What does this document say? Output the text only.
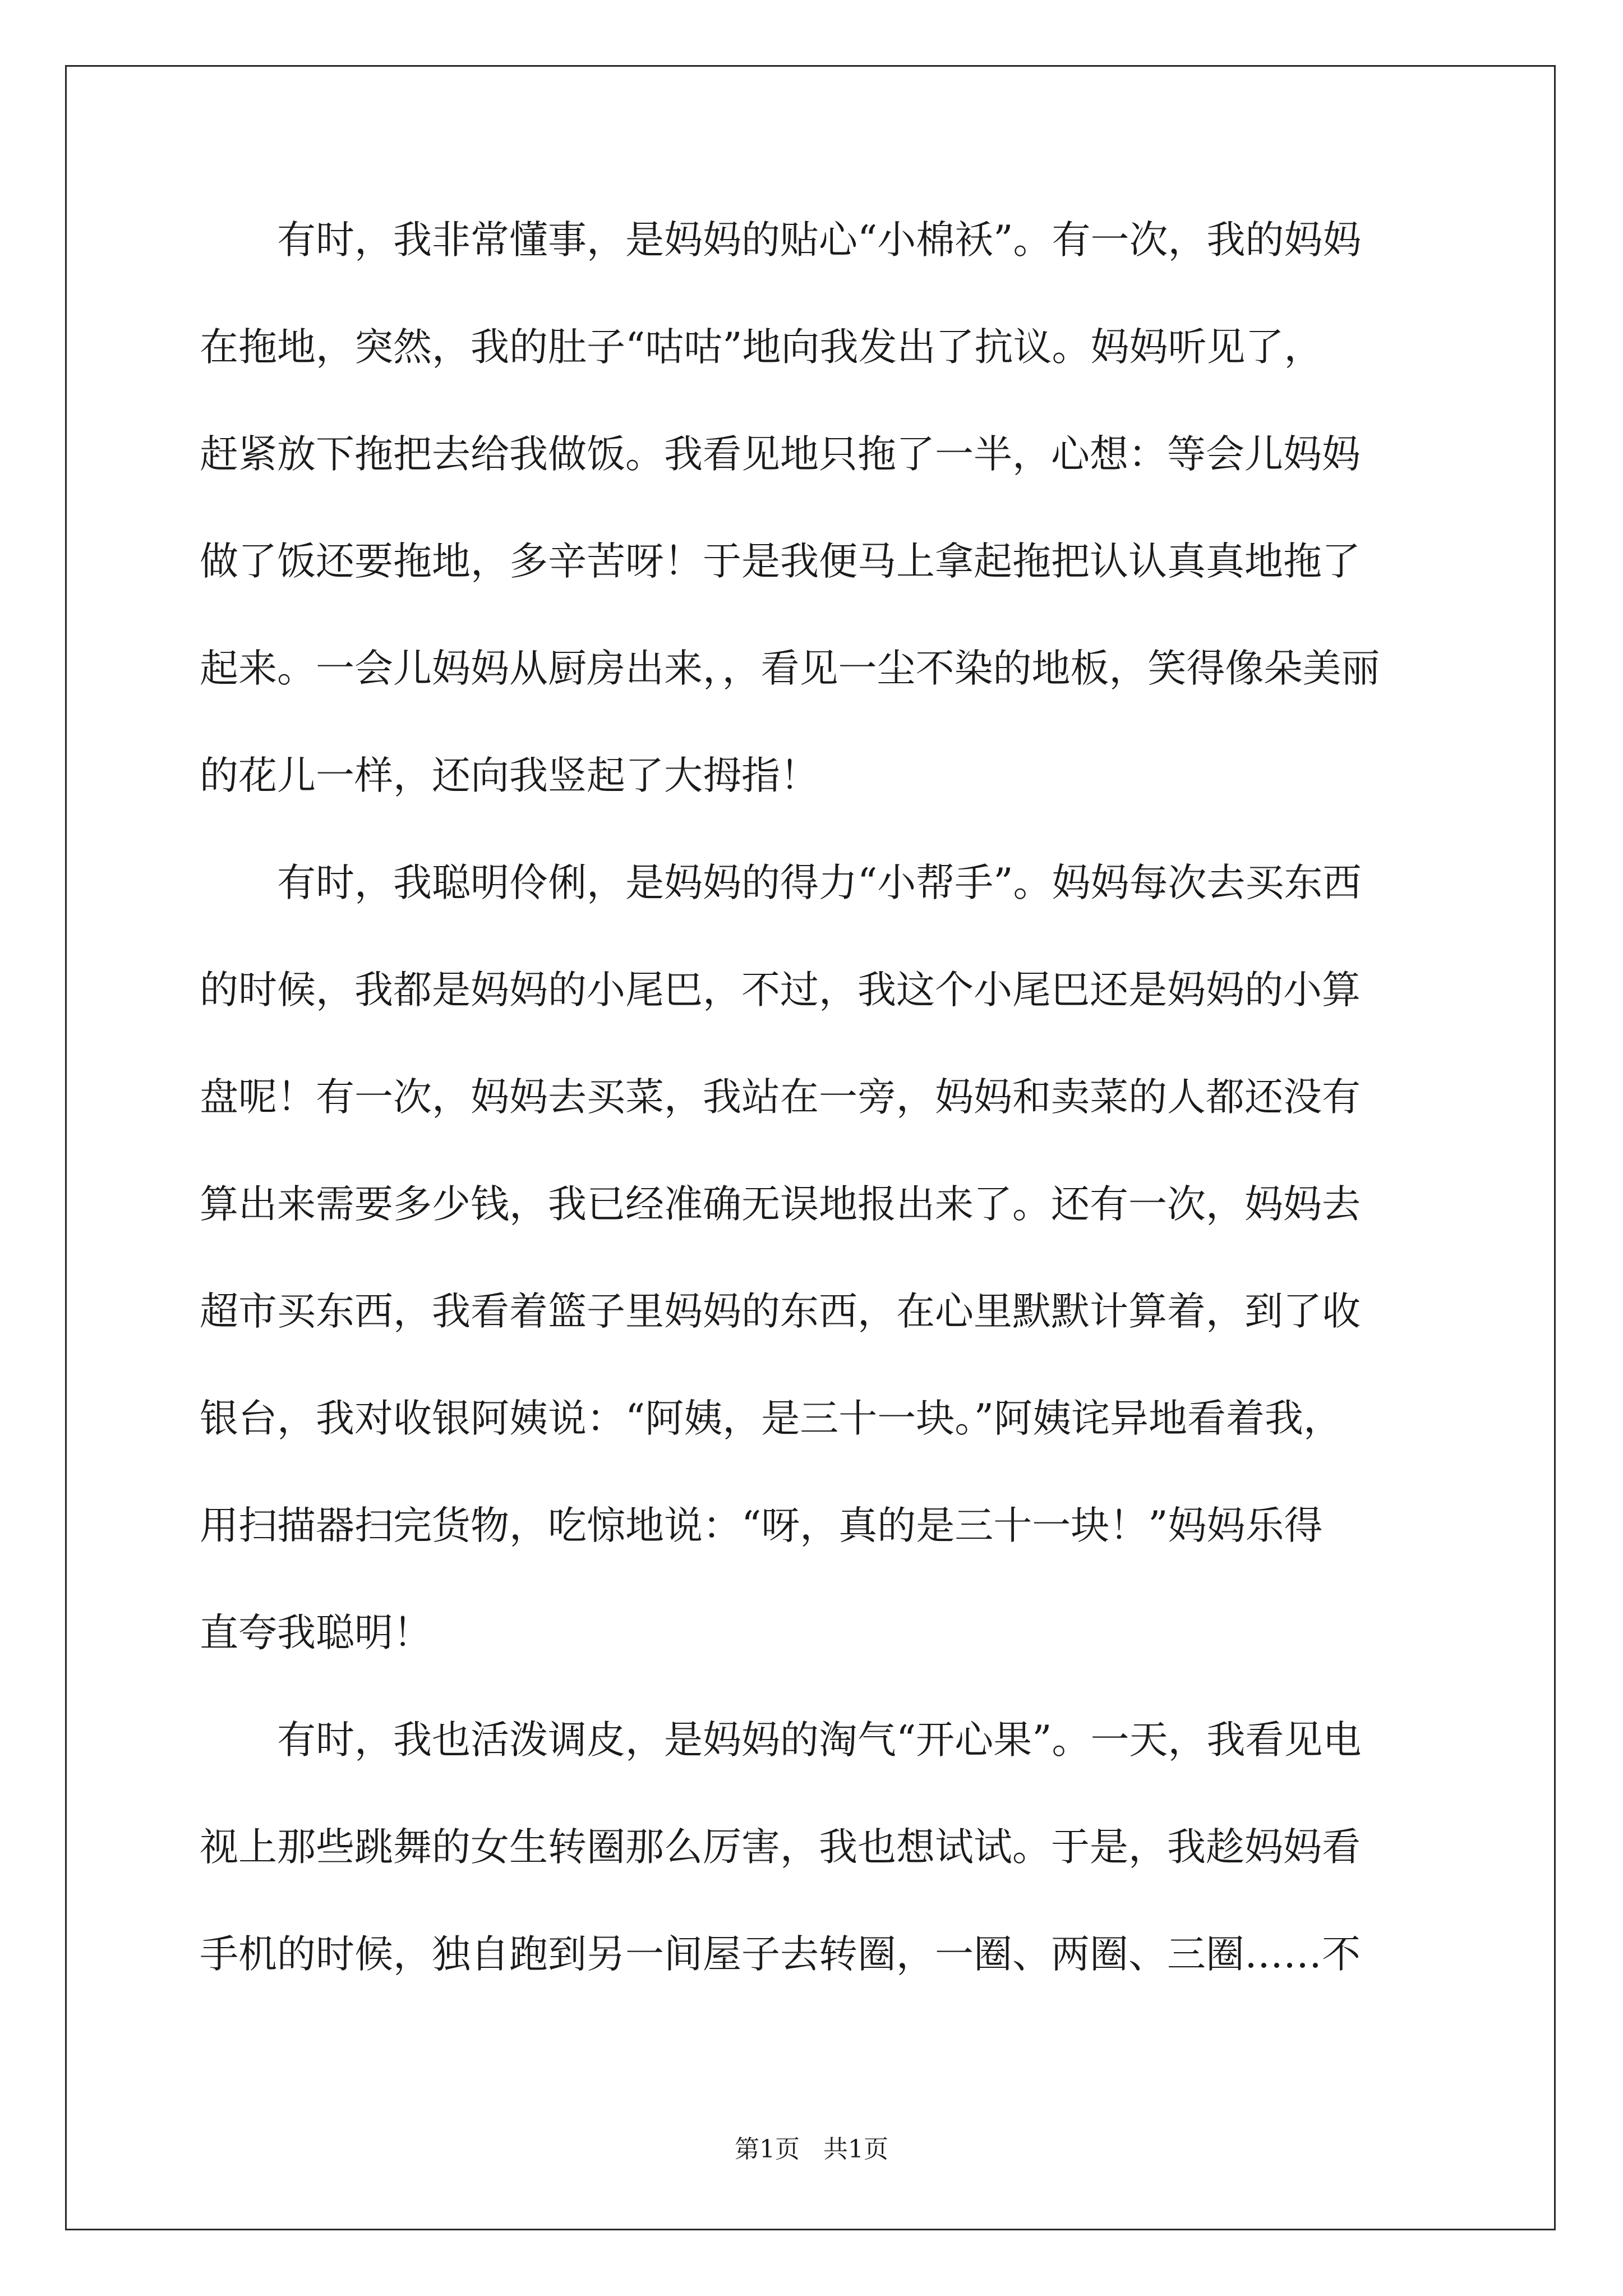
有时，我非常懂事，是妈妈的贴心“小棉袄”。有一次，我的妈妈
在拖地，突然，我的肚子“咕咕”地向我发出了抗议。妈妈听见了，
赶紧放下拖把去给我做饭。我看见地只拖了一半，心想：等会儿妈妈
做了饭还要拖地，多辛苦呀！于是我便马上拿起拖把认认真真地拖了
起来。一会儿妈妈从厨房出来，，看见一尘不染的地板，笑得像朵美丽
的花儿一样，还向我竖起了大拇指！
有时，我聪明伶俐，是妈妈的得力“小帮手”。妈妈每次去买东西
的时候，我都是妈妈的小尾巴，不过，我这个小尾巴还是妈妈的小算
盘呢！有一次，妈妈去买菜，我站在一旁，妈妈和卖菜的人都还没有
算出来需要多少钱，我已经准确无误地报出来了。还有一次，妈妈去
超市买东西，我看着篮子里妈妈的东西，在心里默默计算着，到了收
银台，我对收银阿姨说：“阿姨，是三十一块。”阿姨诧异地看着我，
用扫描器扫完货物，吃惊地说：“呀，真的是三十一块！”妈妈乐得
直夸我聪明！
有时，我也活泼调皮，是妈妈的淘气“开心果”。一天，我看见电
视上那些跳舞的女生转圈那么厉害，我也想试试。于是，我趁妈妈看
手机的时候，独自跑到另一间屋子去转圈，一圈、两圈、三圈……不
第1页   共1页
